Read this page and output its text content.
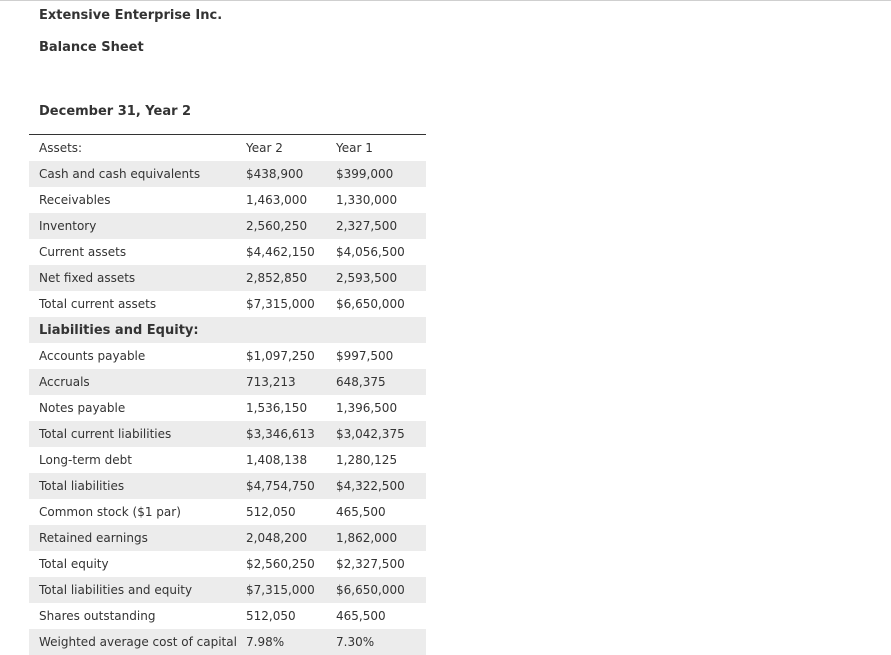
Extensive Enterprise Inc.
Balance Sheet
December 31, Year 2
Assets:	Year 2	Year 1
Cash and cash equivalents	$438,900	$399,000
Receivables	1,463,000	1,330,000
Inventory	2,560,250	2,327,500
Current assets	$4,462,150	$4,056,500
Net fixed assets	2,852,850	2,593,500
Total current assets	$7,315,000	$6,650,000
Liabilities and Equity:		
Accounts payable	$1,097,250	$997,500
Accruals	713,213	648,375
Notes payable	1,536,150	1,396,500
Total current liabilities	$3,346,613	$3,042,375
Long-term debt	1,408,138	1,280,125
Total liabilities	$4,754,750	$4,322,500
Common stock ($1 par)	512,050	465,500
Retained earnings	2,048,200	1,862,000
Total equity	$2,560,250	$2,327,500
Total liabilities and equity	$7,315,000	$6,650,000
Shares outstanding	512,050	465,500
Weighted average cost of capital	7.98%	7.30%
